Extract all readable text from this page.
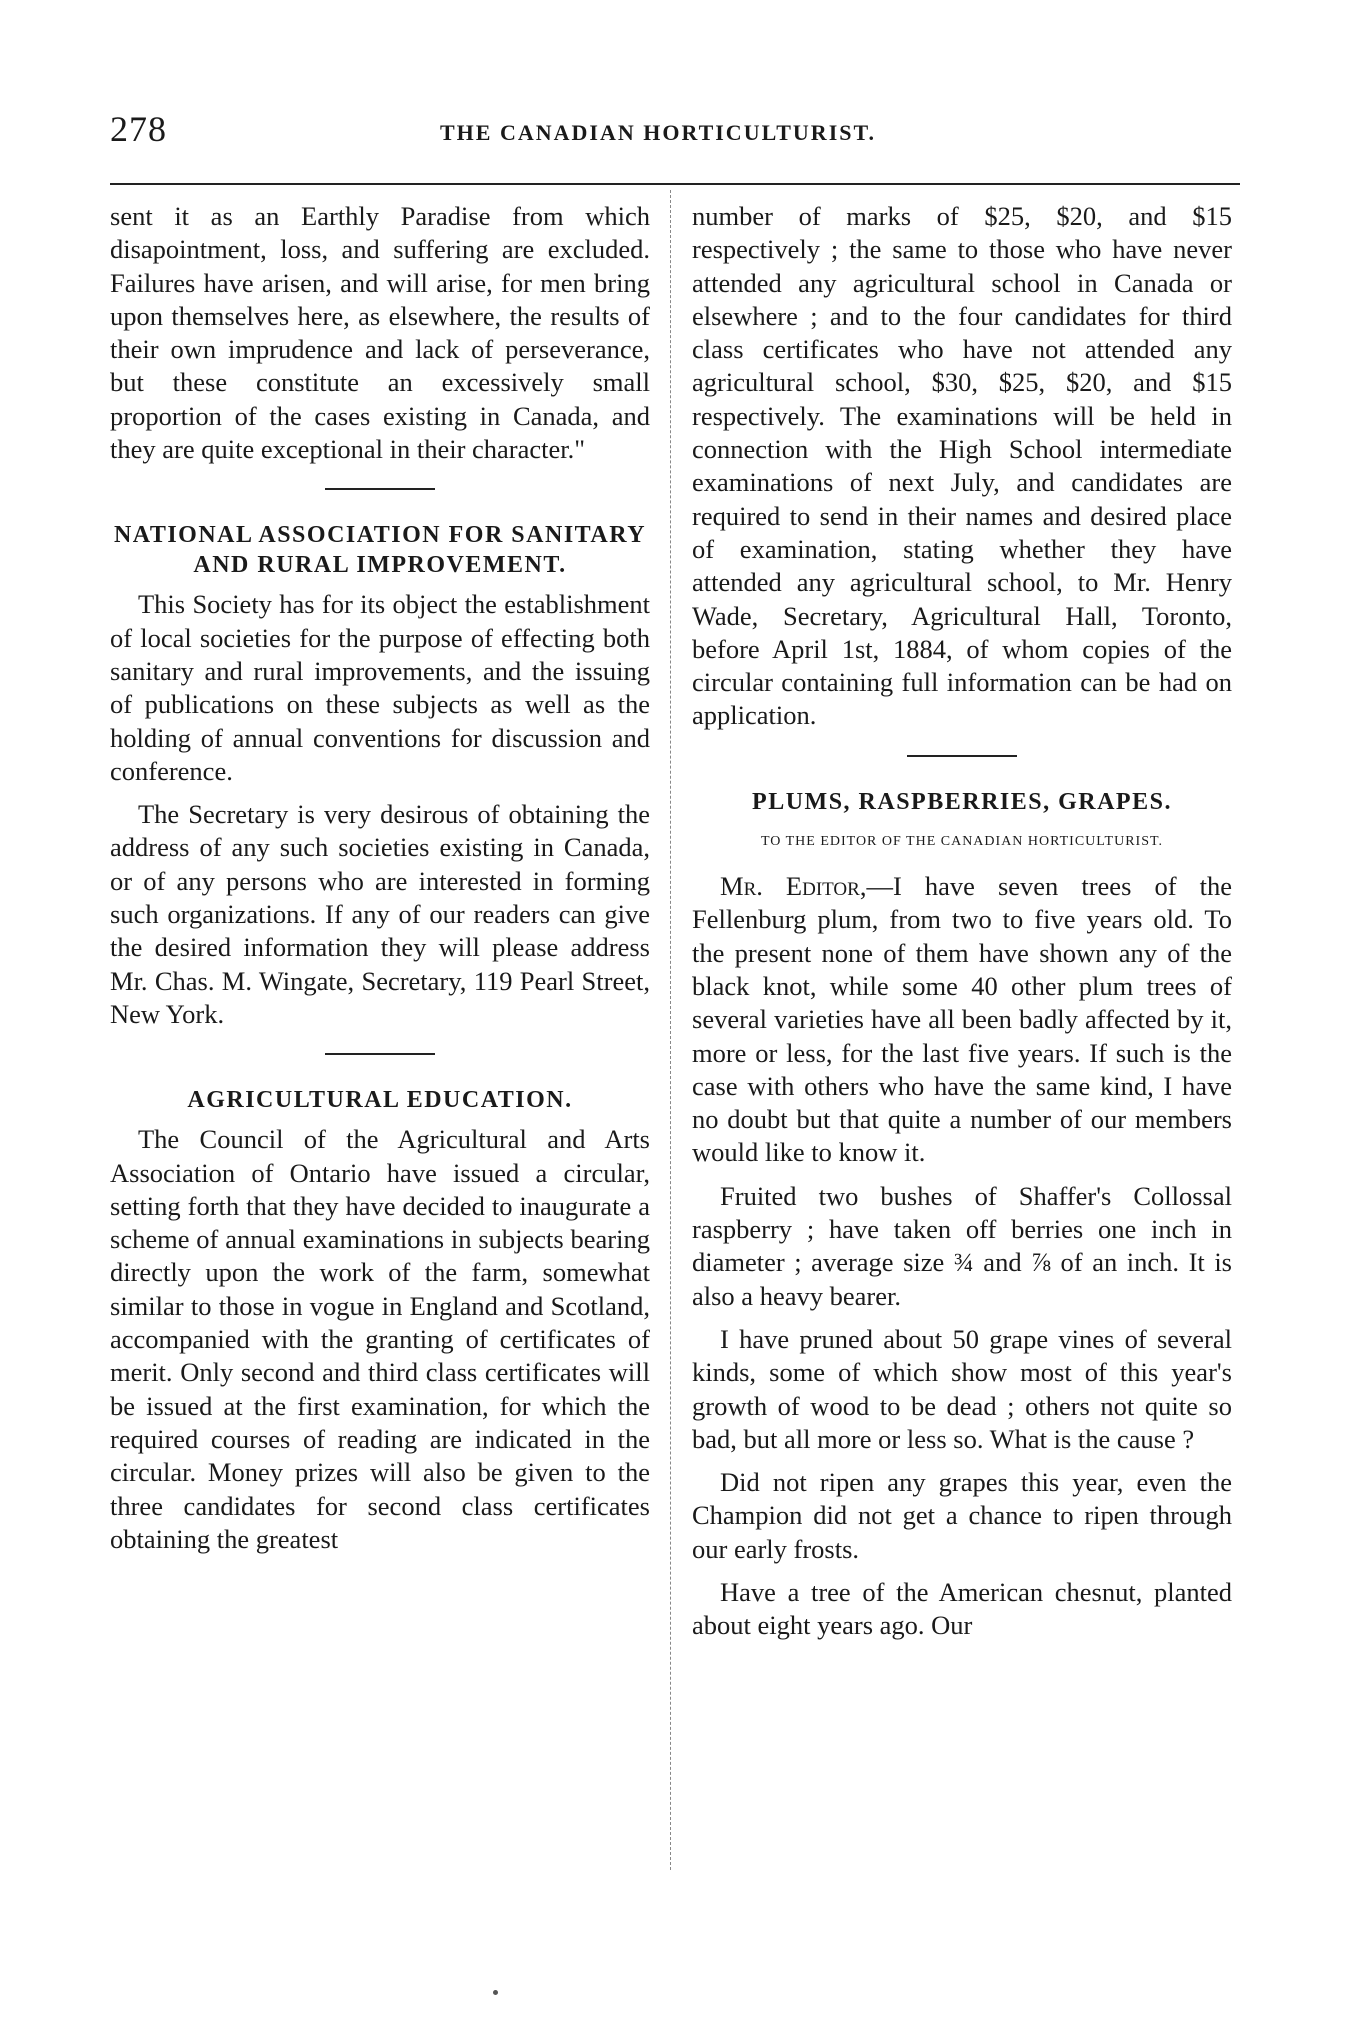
278	THE CANADIAN HORTICULTURIST.

sent it as an Earthly Paradise from which disapointment, loss, and suffering are excluded. Failures have arisen, and will arise, for men bring upon themselves here, as elsewhere, the results of their own imprudence and lack of perseverance, but these constitute an excessively small proportion of the cases existing in Canada, and they are quite exceptional in their character."

NATIONAL ASSOCIATION FOR SANITARY AND RURAL IMPROVEMENT.

This Society has for its object the establishment of local societies for the purpose of effecting both sanitary and rural improvements, and the issuing of publications on these subjects as well as the holding of annual conventions for discussion and conference.

The Secretary is very desirous of obtaining the address of any such societies existing in Canada, or of any persons who are interested in forming such organizations. If any of our readers can give the desired information they will please address Mr. Chas. M. Wingate, Secretary, 119 Pearl Street, New York.

AGRICULTURAL EDUCATION.

The Council of the Agricultural and Arts Association of Ontario have issued a circular, setting forth that they have decided to inaugurate a scheme of annual examinations in subjects bearing directly upon the work of the farm, somewhat similar to those in vogue in England and Scotland, accompanied with the granting of certificates of merit. Only second and third class certificates will be issued at the first examination, for which the required courses of reading are indicated in the circular. Money prizes will also be given to the three candidates for second class certificates obtaining the greatest

number of marks of $25, $20, and $15 respectively ; the same to those who have never attended any agricultural school in Canada or elsewhere ; and to the four candidates for third class certificates who have not attended any agricultural school, $30, $25, $20, and $15 respectively. The examinations will be held in connection with the High School intermediate examinations of next July, and candidates are required to send in their names and desired place of examination, stating whether they have attended any agricultural school, to Mr. Henry Wade, Secretary, Agricultural Hall, Toronto, before April 1st, 1884, of whom copies of the circular containing full information can be had on application.

PLUMS, RASPBERRIES, GRAPES.
TO THE EDITOR OF THE CANADIAN HORTICULTURIST.

Mr. Editor,—I have seven trees of the Fellenburg plum, from two to five years old. To the present none of them have shown any of the black knot, while some 40 other plum trees of several varieties have all been badly affected by it, more or less, for the last five years. If such is the case with others who have the same kind, I have no doubt but that quite a number of our members would like to know it.

Fruited two bushes of Shaffer's Collossal raspberry ; have taken off berries one inch in diameter ; average size ¾ and ⅞ of an inch. It is also a heavy bearer.

I have pruned about 50 grape vines of several kinds, some of which show most of this year's growth of wood to be dead ; others not quite so bad, but all more or less so. What is the cause ?

Did not ripen any grapes this year, even the Champion did not get a chance to ripen through our early frosts.

Have a tree of the American chesnut, planted about eight years ago. Our
